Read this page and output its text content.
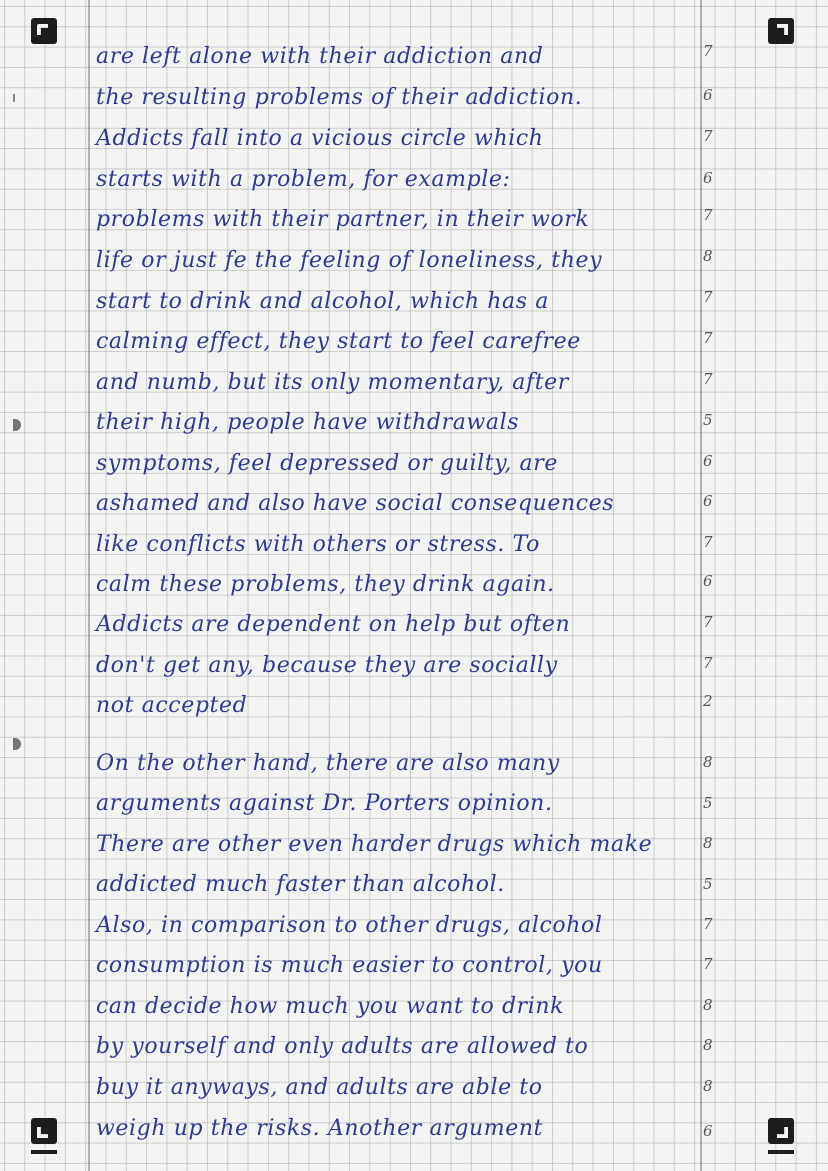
are left alone with their addiction and
the resulting problems of their addiction.
Addicts fall into a vicious circle which
starts with a problem, for example:
problems with their partner, in their work
life or just fe the feeling of loneliness, they
start to drink and alcohol, which has a
calming effect, they start to feel carefree
and numb, but its only momentary, after
their high, people have withdrawals
symptoms, feel depressed or guilty, are
ashamed and also have social consequences
like conflicts with others or stress. To
calm these problems, they drink again.
Addicts are dependent on help but often
don't get any, because they are socially
not accepted
On the other hand, there are also many
arguments against Dr. Porters opinion.
There are other even harder drugs which make
addicted much faster than alcohol.
Also, in comparison to other drugs, alcohol
consumption is much easier to control, you
can decide how much you want to drink
by yourself and only adults are allowed to
buy it anyways, and adults are able to
weigh up the risks. Another argument
7
6
7
6
7
8
7
7
7
5
6
6
7
6
7
7
2
8
5
8
5
7
7
8
8
8
6
